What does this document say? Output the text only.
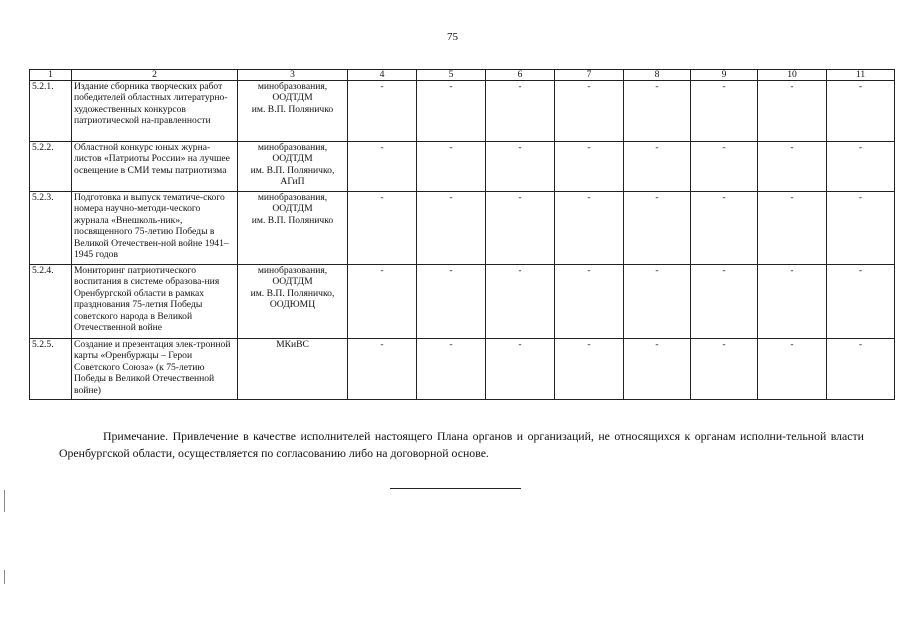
75
1	2	3	4	5	6	7	8	9	10	11
5.2.1.	Издание сборника творческих работ победителей областных литературно-художественных конкурсов патриотической на-правленности	минобразования,
ООДТДМ
им. В.П. Поляничко	-	-	-	-	-	-	-	-
5.2.2.	Областной конкурс юных журна-листов «Патриоты России» на лучшее освещение в СМИ темы патриотизма	минобразования,
ООДТДМ
им. В.П. Поляничко,
АГиП	-	-	-	-	-	-	-	-
5.2.3.	Подготовка и выпуск тематиче-ского номера научно-методи-ческого журнала «Внешколь-ник», посвященного 75-летию Победы в Великой Отечествен-ной войне 1941–1945 годов	минобразования,
ООДТДМ
им. В.П. Поляничко	-	-	-	-	-	-	-	-
5.2.4.	Мониторинг патриотического воспитания в системе образова-ния Оренбургской области в рамках празднования 75-летия Победы советского народа в Великой Отечественной войне	минобразования,
ООДТДМ
им. В.П. Поляничко,
ООДЮМЦ	-	-	-	-	-	-	-	-
5.2.5.	Создание и презентация элек-тронной карты «Оренбуржцы – Герои Советского Союза» (к 75-летию Победы в Великой Отечественной войне)	МКиВС	-	-	-	-	-	-	-	-
Примечание. Привлечение в качестве исполнителей настоящего Плана органов и организаций, не относящихся к органам исполни-тельной власти Оренбургской области, осуществляется по согласованию либо на договорной основе.
